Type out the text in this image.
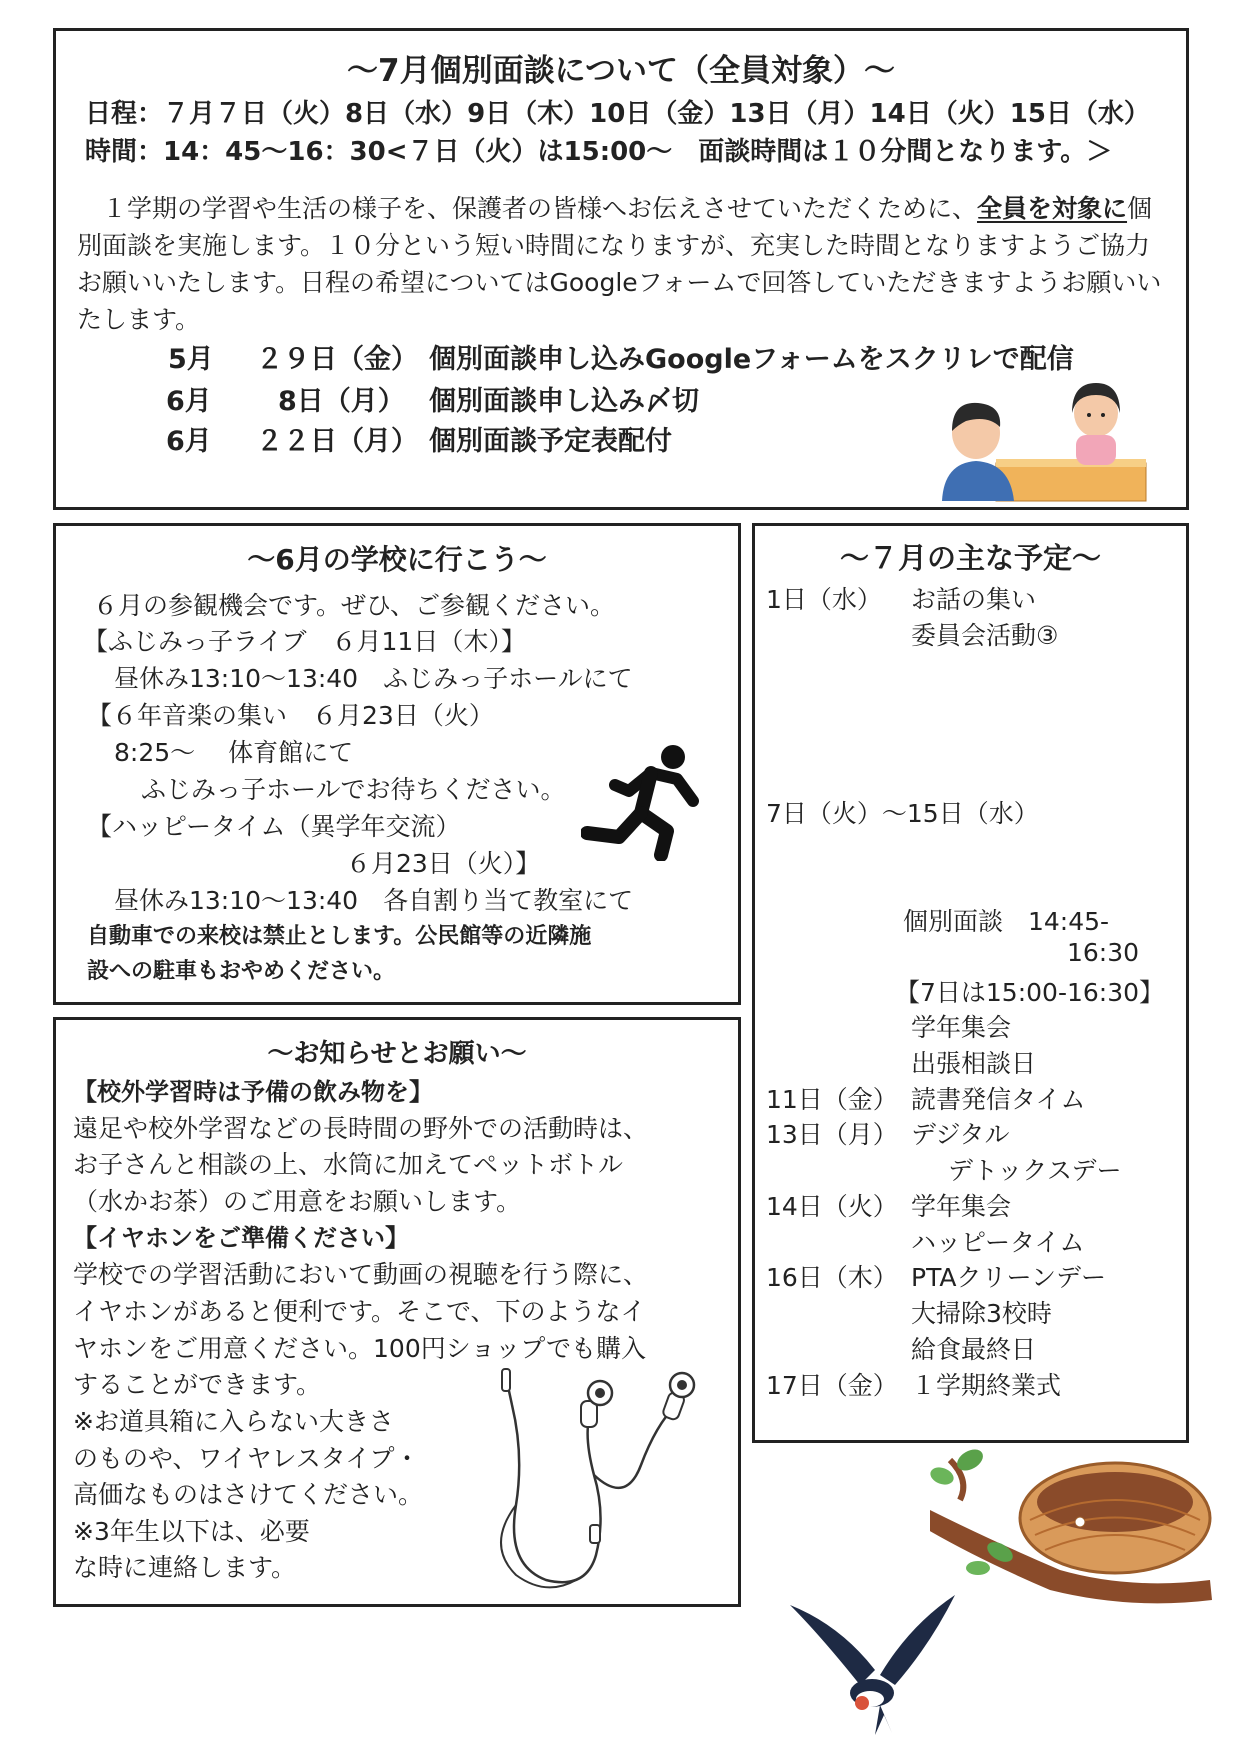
～7月個別面談について（全員対象）～

日程：７月７日（火）8日（水）9日（木）10日（金）13日（月）14日（火）15日（水）

時間：14：45～16：30<７日（火）は15:00～　面談時間は１０分間となります。＞

　１学期の学習や生活の様子を、保護者の皆様へお伝えさせていただくために、全員を対象に個別面談を実施します。１０分という短い時間になりますが、充実した時間となりますようご協力お願いいたします。日程の希望についてはGoogleフォームで回答していただきますようお願いいたします。

5月 ２９日（金） 個別面談申し込みGoogleフォームをスクリレで配信

6月 8日（月） 個別面談申し込み〆切

6月 ２２日（月） 個別面談予定表配付

～6月の学校に行こう～

６月の参観機会です。ぜひ、ご参観ください。

【ふじみっ子ライブ　６月11日（木）】

昼休み13:10～13:40　ふじみっ子ホールにて

【６年音楽の集い　６月23日（火）

8:25～　 体育館にて

ふじみっ子ホールでお待ちください。

【ハッピータイム（異学年交流）

６月23日（火）】

昼休み13:10～13:40　各自割り当て教室にて

自動車での来校は禁止とします。公民館等の近隣施

設への駐車もおやめください。

～お知らせとお願い～

【校外学習時は予備の飲み物を】

遠足や校外学習などの長時間の野外での活動時は、

お子さんと相談の上、水筒に加えてペットボトル

（水かお茶）のご用意をお願いします。

【イヤホンをご準備ください】

学校での学習活動において動画の視聴を行う際に、

イヤホンがあると便利です。そこで、下のようなイ

ヤホンをご用意ください。100円ショップでも購入

することができます。

※お道具箱に入らない大きさ

のものや、ワイヤレスタイプ・

高価なものはさけてください。

※3年生以下は、必要

な時に連絡します。

～７月の主な予定～

1日（水） お話の集い

委員会活動③

7日（火）～15日（水）

個別面談　14:45-

16:30

【7日は15:00-16:30】

学年集会

出張相談日

11日（金） 読書発信タイム

13日（月） デジタル

デトックスデー

14日（火） 学年集会

ハッピータイム

16日（木） PTAクリーンデー

大掃除3校時

給食最終日

17日（金） １学期終業式
